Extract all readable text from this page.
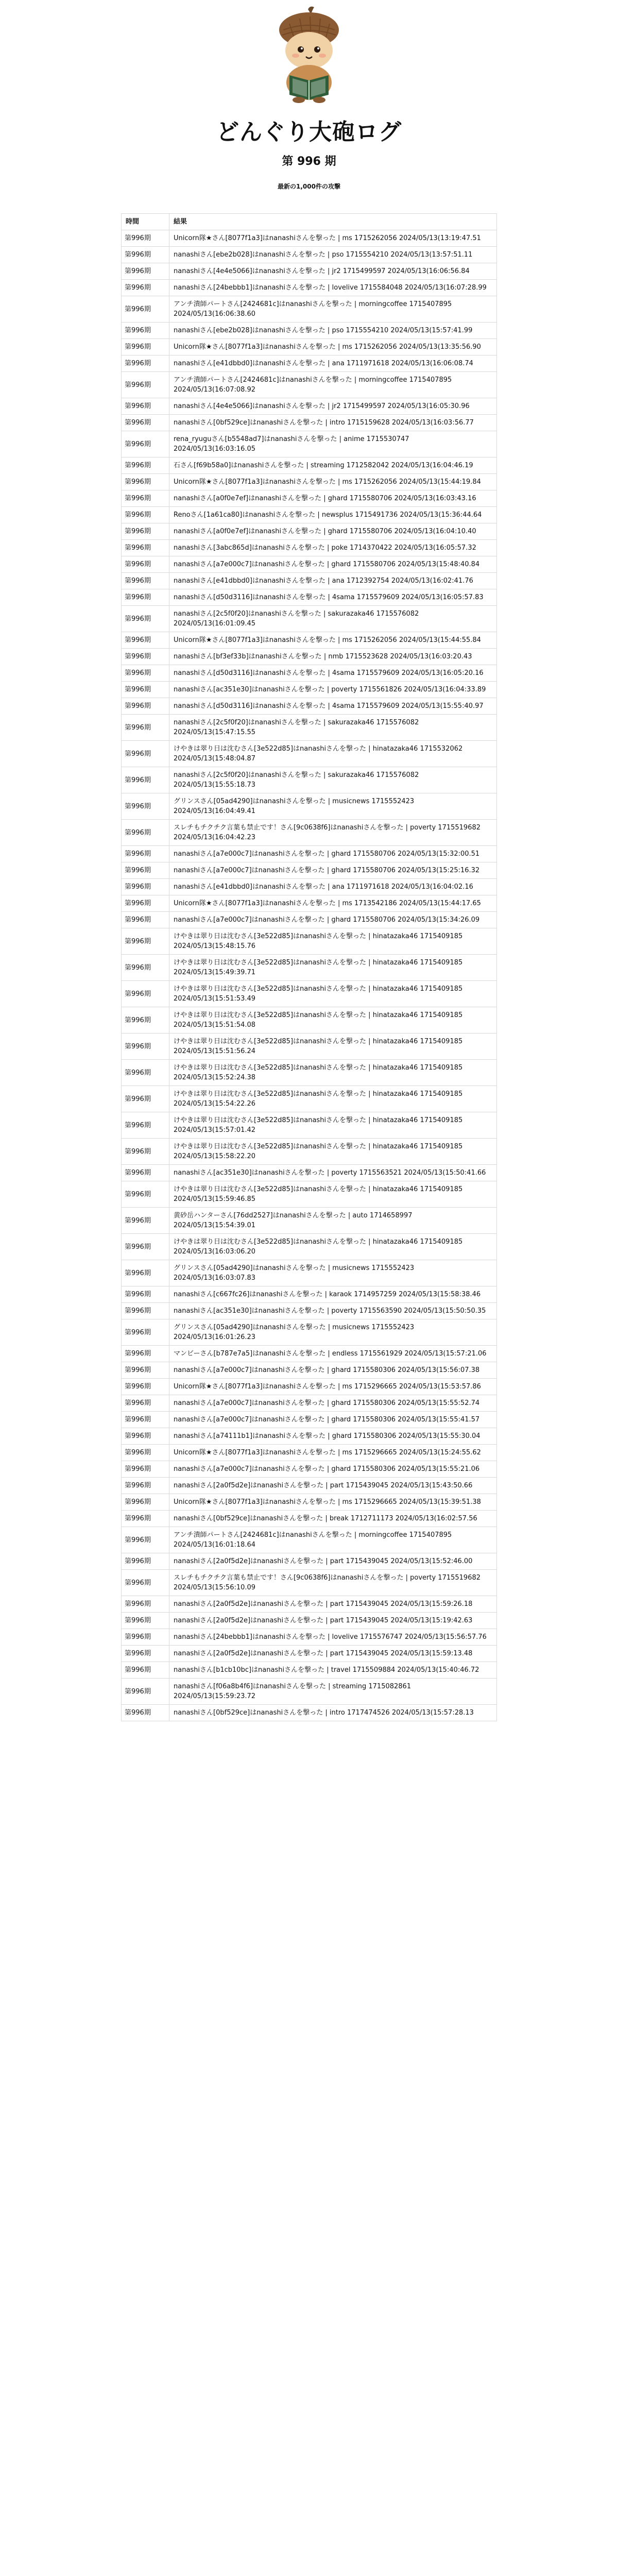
どんぐり大砲ログ
第 996 期
最新の1,000件の攻撃
時間	結果
第996期	Unicorn隊★さん[8077f1a3]はnanashiさんを撃った | ms 1715262056 2024/05/13(13:19:47.51
第996期	nanashiさん[ebe2b028]はnanashiさんを撃った | pso 1715554210 2024/05/13(13:57:51.11
第996期	nanashiさん[4e4e5066]はnanashiさんを撃った | jr2 1715499597 2024/05/13(16:06:56.84
第996期	nanashiさん[24bebbb1]はnanashiさんを撃った | lovelive 1715584048 2024/05/13(16:07:28.99
第996期	アンチ潰師パートさん[2424681c]はnanashiさんを撃った | morningcoffee 1715407895 2024/05/13(16:06:38.60
第996期	nanashiさん[ebe2b028]はnanashiさんを撃った | pso 1715554210 2024/05/13(15:57:41.99
第996期	Unicorn隊★さん[8077f1a3]はnanashiさんを撃った | ms 1715262056 2024/05/13(13:35:56.90
第996期	nanashiさん[e41dbbd0]はnanashiさんを撃った | ana 1711971618 2024/05/13(16:06:08.74
第996期	アンチ潰師パートさん[2424681c]はnanashiさんを撃った | morningcoffee 1715407895 2024/05/13(16:07:08.92
第996期	nanashiさん[4e4e5066]はnanashiさんを撃った | jr2 1715499597 2024/05/13(16:05:30.96
第996期	nanashiさん[0bf529ce]はnanashiさんを撃った | intro 1715159628 2024/05/13(16:03:56.77
第996期	rena_ryuguさん[b5548ad7]はnanashiさんを撃った | anime 1715530747 2024/05/13(16:03:16.05
第996期	石さん[f69b58a0]はnanashiさんを撃った | streaming 1712582042 2024/05/13(16:04:46.19
第996期	Unicorn隊★さん[8077f1a3]はnanashiさんを撃った | ms 1715262056 2024/05/13(15:44:19.84
第996期	nanashiさん[a0f0e7ef]はnanashiさんを撃った | ghard 1715580706 2024/05/13(16:03:43.16
第996期	Renoさん[1a61ca80]はnanashiさんを撃った | newsplus 1715491736 2024/05/13(15:36:44.64
第996期	nanashiさん[a0f0e7ef]はnanashiさんを撃った | ghard 1715580706 2024/05/13(16:04:10.40
第996期	nanashiさん[3abc865d]はnanashiさんを撃った | poke 1714370422 2024/05/13(16:05:57.32
第996期	nanashiさん[a7e000c7]はnanashiさんを撃った | ghard 1715580706 2024/05/13(15:48:40.84
第996期	nanashiさん[e41dbbd0]はnanashiさんを撃った | ana 1712392754 2024/05/13(16:02:41.76
第996期	nanashiさん[d50d3116]はnanashiさんを撃った | 4sama 1715579609 2024/05/13(16:05:57.83
第996期	nanashiさん[2c5f0f20]はnanashiさんを撃った | sakurazaka46 1715576082 2024/05/13(16:01:09.45
第996期	Unicorn隊★さん[8077f1a3]はnanashiさんを撃った | ms 1715262056 2024/05/13(15:44:55.84
第996期	nanashiさん[bf3ef33b]はnanashiさんを撃った | nmb 1715523628 2024/05/13(16:03:20.43
第996期	nanashiさん[d50d3116]はnanashiさんを撃った | 4sama 1715579609 2024/05/13(16:05:20.16
第996期	nanashiさん[ac351e30]はnanashiさんを撃った | poverty 1715561826 2024/05/13(16:04:33.89
第996期	nanashiさん[d50d3116]はnanashiさんを撃った | 4sama 1715579609 2024/05/13(15:55:40.97
第996期	nanashiさん[2c5f0f20]はnanashiさんを撃った | sakurazaka46 1715576082 2024/05/13(15:47:15.55
第996期	けやきは翠り日は沈むさん[3e522d85]はnanashiさんを撃った | hinatazaka46 1715532062 2024/05/13(15:48:04.87
第996期	nanashiさん[2c5f0f20]はnanashiさんを撃った | sakurazaka46 1715576082 2024/05/13(15:55:18.73
第996期	グリンスさん[05ad4290]はnanashiさんを撃った | musicnews 1715552423 2024/05/13(16:04:49.41
第996期	スレチもチクチク言葉も禁止です！さん[9c0638f6]はnanashiさんを撃った | poverty 1715519682 2024/05/13(16:04:42.23
第996期	nanashiさん[a7e000c7]はnanashiさんを撃った | ghard 1715580706 2024/05/13(15:32:00.51
第996期	nanashiさん[a7e000c7]はnanashiさんを撃った | ghard 1715580706 2024/05/13(15:25:16.32
第996期	nanashiさん[e41dbbd0]はnanashiさんを撃った | ana 1711971618 2024/05/13(16:04:02.16
第996期	Unicorn隊★さん[8077f1a3]はnanashiさんを撃った | ms 1713542186 2024/05/13(15:44:17.65
第996期	nanashiさん[a7e000c7]はnanashiさんを撃った | ghard 1715580706 2024/05/13(15:34:26.09
第996期	けやきは翠り日は沈むさん[3e522d85]はnanashiさんを撃った | hinatazaka46 1715409185 2024/05/13(15:48:15.76
第996期	けやきは翠り日は沈むさん[3e522d85]はnanashiさんを撃った | hinatazaka46 1715409185 2024/05/13(15:49:39.71
第996期	けやきは翠り日は沈むさん[3e522d85]はnanashiさんを撃った | hinatazaka46 1715409185 2024/05/13(15:51:53.49
第996期	けやきは翠り日は沈むさん[3e522d85]はnanashiさんを撃った | hinatazaka46 1715409185 2024/05/13(15:51:54.08
第996期	けやきは翠り日は沈むさん[3e522d85]はnanashiさんを撃った | hinatazaka46 1715409185 2024/05/13(15:51:56.24
第996期	けやきは翠り日は沈むさん[3e522d85]はnanashiさんを撃った | hinatazaka46 1715409185 2024/05/13(15:52:24.38
第996期	けやきは翠り日は沈むさん[3e522d85]はnanashiさんを撃った | hinatazaka46 1715409185 2024/05/13(15:54:22.26
第996期	けやきは翠り日は沈むさん[3e522d85]はnanashiさんを撃った | hinatazaka46 1715409185 2024/05/13(15:57:01.42
第996期	けやきは翠り日は沈むさん[3e522d85]はnanashiさんを撃った | hinatazaka46 1715409185 2024/05/13(15:58:22.20
第996期	nanashiさん[ac351e30]はnanashiさんを撃った | poverty 1715563521 2024/05/13(15:50:41.66
第996期	けやきは翠り日は沈むさん[3e522d85]はnanashiさんを撃った | hinatazaka46 1715409185 2024/05/13(15:59:46.85
第996期	黄砂岳ハンターさん[76dd2527]はnanashiさんを撃った | auto 1714658997 2024/05/13(15:54:39.01
第996期	けやきは翠り日は沈むさん[3e522d85]はnanashiさんを撃った | hinatazaka46 1715409185 2024/05/13(16:03:06.20
第996期	グリンスさん[05ad4290]はnanashiさんを撃った | musicnews 1715552423 2024/05/13(16:03:07.83
第996期	nanashiさん[c667fc26]はnanashiさんを撃った | karaok 1714957259 2024/05/13(15:58:38.46
第996期	nanashiさん[ac351e30]はnanashiさんを撃った | poverty 1715563590 2024/05/13(15:50:50.35
第996期	グリンスさん[05ad4290]はnanashiさんを撃った | musicnews 1715552423 2024/05/13(16:01:26.23
第996期	マンビーさん[b787e7a5]はnanashiさんを撃った | endless 1715561929 2024/05/13(15:57:21.06
第996期	nanashiさん[a7e000c7]はnanashiさんを撃った | ghard 1715580306 2024/05/13(15:56:07.38
第996期	Unicorn隊★さん[8077f1a3]はnanashiさんを撃った | ms 1715296665 2024/05/13(15:53:57.86
第996期	nanashiさん[a7e000c7]はnanashiさんを撃った | ghard 1715580306 2024/05/13(15:55:52.74
第996期	nanashiさん[a7e000c7]はnanashiさんを撃った | ghard 1715580306 2024/05/13(15:55:41.57
第996期	nanashiさん[a74111b1]はnanashiさんを撃った | ghard 1715580306 2024/05/13(15:55:30.04
第996期	Unicorn隊★さん[8077f1a3]はnanashiさんを撃った | ms 1715296665 2024/05/13(15:24:55.62
第996期	nanashiさん[a7e000c7]はnanashiさんを撃った | ghard 1715580306 2024/05/13(15:55:21.06
第996期	nanashiさん[2a0f5d2e]はnanashiさんを撃った | part 1715439045 2024/05/13(15:43:50.66
第996期	Unicorn隊★さん[8077f1a3]はnanashiさんを撃った | ms 1715296665 2024/05/13(15:39:51.38
第996期	nanashiさん[0bf529ce]はnanashiさんを撃った | break 1712711173 2024/05/13(16:02:57.56
第996期	アンチ潰師パートさん[2424681c]はnanashiさんを撃った | morningcoffee 1715407895 2024/05/13(16:01:18.64
第996期	nanashiさん[2a0f5d2e]はnanashiさんを撃った | part 1715439045 2024/05/13(15:52:46.00
第996期	スレチもチクチク言葉も禁止です！さん[9c0638f6]はnanashiさんを撃った | poverty 1715519682 2024/05/13(15:56:10.09
第996期	nanashiさん[2a0f5d2e]はnanashiさんを撃った | part 1715439045 2024/05/13(15:59:26.18
第996期	nanashiさん[2a0f5d2e]はnanashiさんを撃った | part 1715439045 2024/05/13(15:19:42.63
第996期	nanashiさん[24bebbb1]はnanashiさんを撃った | lovelive 1715576747 2024/05/13(15:56:57.76
第996期	nanashiさん[2a0f5d2e]はnanashiさんを撃った | part 1715439045 2024/05/13(15:59:13.48
第996期	nanashiさん[b1cb10bc]はnanashiさんを撃った | travel 1715509884 2024/05/13(15:40:46.72
第996期	nanashiさん[f06a8b4f6]はnanashiさんを撃った | streaming 1715082861 2024/05/13(15:59:23.72
第996期	nanashiさん[0bf529ce]はnanashiさんを撃った | intro 1717474526 2024/05/13(15:57:28.13
